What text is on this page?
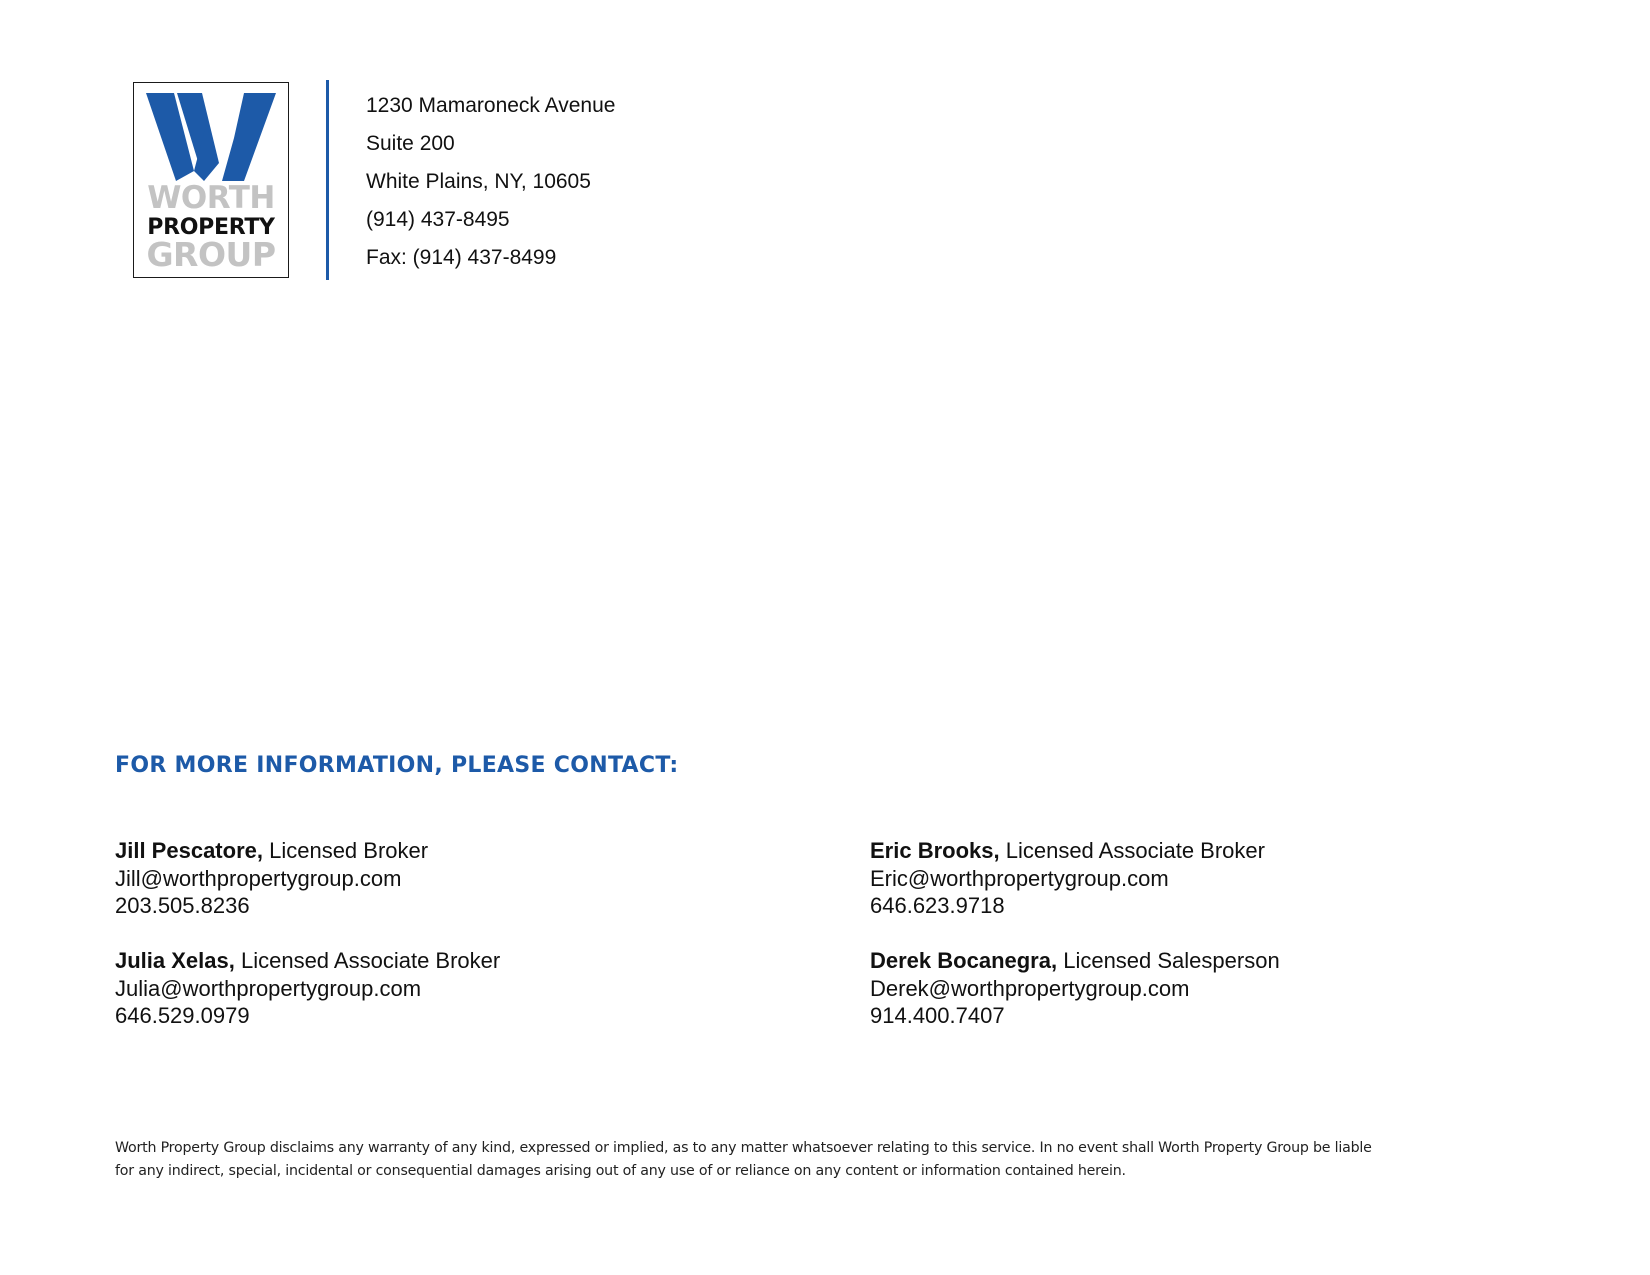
WORTH
PROPERTY
GROUP
1230 Mamaroneck Avenue
Suite 200
White Plains, NY, 10605
(914) 437-8495
Fax: (914) 437-8499
FOR MORE INFORMATION, PLEASE CONTACT:
Jill Pescatore, Licensed Broker
Jill@worthpropertygroup.com
203.505.8236
Julia Xelas, Licensed Associate Broker
Julia@worthpropertygroup.com
646.529.0979
Eric Brooks, Licensed Associate Broker
Eric@worthpropertygroup.com
646.623.9718
Derek Bocanegra, Licensed Salesperson
Derek@worthpropertygroup.com
914.400.7407
Worth Property Group disclaims any warranty of any kind, expressed or implied, as to any matter whatsoever relating to this service. In no event shall Worth Property Group be liable for any indirect, special, incidental or consequential damages arising out of any use of or reliance on any content or information contained herein.
